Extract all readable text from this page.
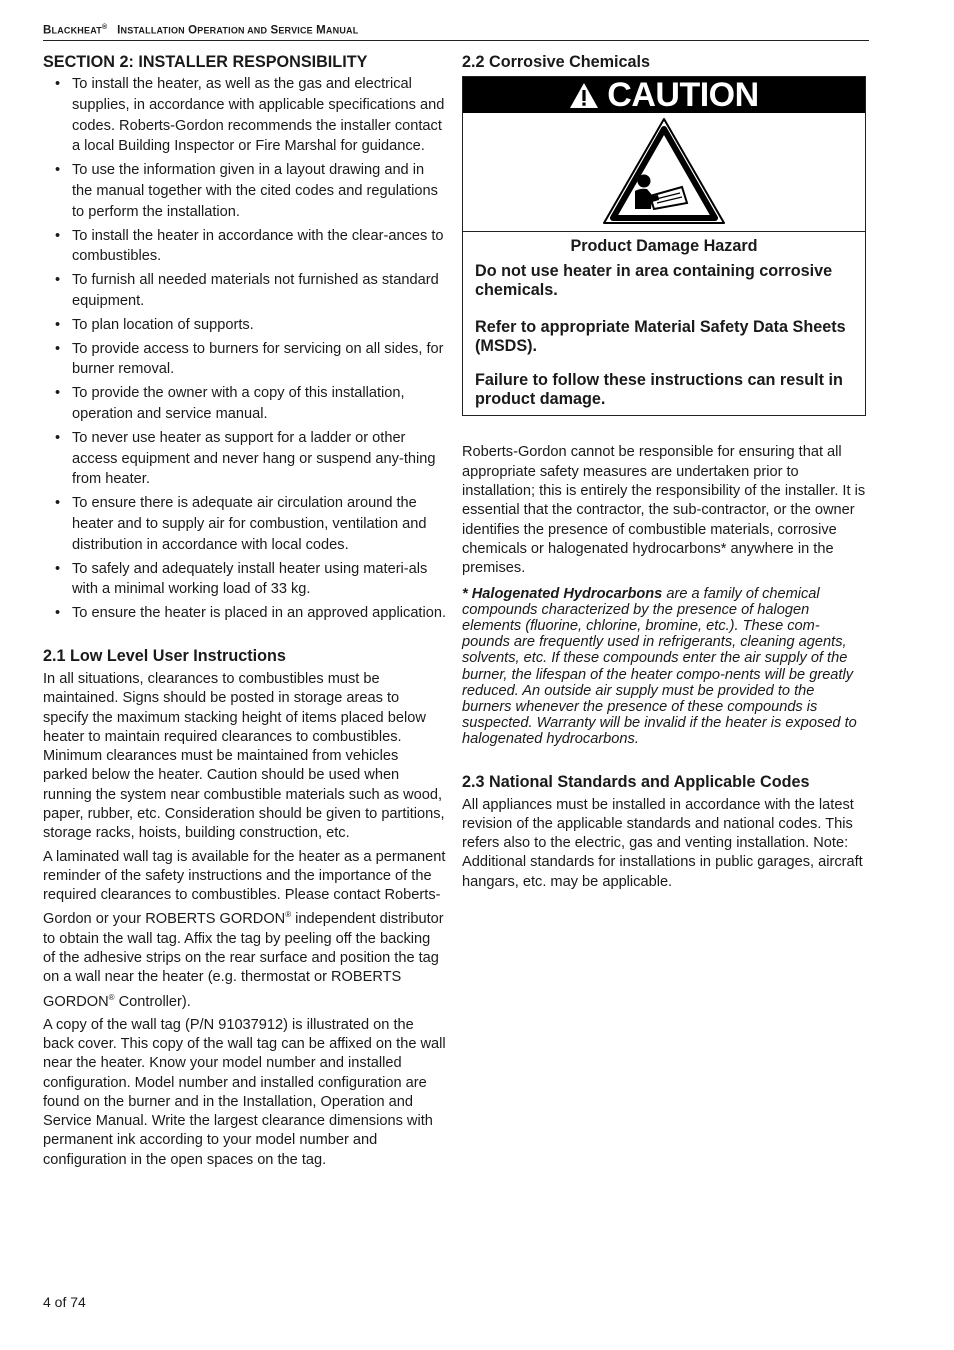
BLACKHEAT® INSTALLATION OPERATION AND SERVICE MANUAL
SECTION 2: INSTALLER RESPONSIBILITY
• To install the heater, as well as the gas and electrical supplies, in accordance with applicable specifications and codes. Roberts-Gordon recommends the installer contact a local Building Inspector or Fire Marshal for guidance.
• To use the information given in a layout drawing and in the manual together with the cited codes and regulations to perform the installation.
• To install the heater in accordance with the clear-ances to combustibles.
• To furnish all needed materials not furnished as standard equipment.
• To plan location of supports.
• To provide access to burners for servicing on all sides, for burner removal.
• To provide the owner with a copy of this installation, operation and service manual.
• To never use heater as support for a ladder or other access equipment and never hang or suspend any-thing from heater.
• To ensure there is adequate air circulation around the heater and to supply air for combustion, ventilation and distribution in accordance with local codes.
• To safely and adequately install heater using materi-als with a minimal working load of 33 kg.
• To ensure the heater is placed in an approved application.
2.1 Low Level User Instructions

In all situations, clearances to combustibles must be maintained. Signs should be posted in storage areas to specify the maximum stacking height of items placed below heater to maintain required clearances to combustibles. Minimum clearances must be maintained from vehicles parked below the heater. Caution should be used when running the system near combustible materials such as wood, paper, rubber, etc. Consideration should be given to partitions, storage racks, hoists, building construction, etc.

A laminated wall tag is available for the heater as a permanent reminder of the safety instructions and the importance of the required clearances to combustibles. Please contact Roberts-Gordon or your ROBERTS GORDON® independent distributor to obtain the wall tag. Affix the tag by peeling off the backing of the adhesive strips on the rear surface and position the tag on a wall near the heater (e.g. thermostat or ROBERTS GORDON® Controller).

A copy of the wall tag (P/N 91037912) is illustrated on the back cover. This copy of the wall tag can be affixed on the wall near the heater. Know your model number and installed configuration. Model number and installed configuration are found on the burner and in the Installation, Operation and Service Manual. Write the largest clearance dimensions with permanent ink according to your model number and configuration in the open spaces on the tag.

2.2 Corrosive Chemicals
CAUTION

Product Damage Hazard

Do not use heater in area containing corrosive chemicals.

Refer to appropriate Material Safety Data Sheets (MSDS).

Failure to follow these instructions can result in product damage.

Roberts-Gordon cannot be responsible for ensuring that all appropriate safety measures are undertaken prior to installation; this is entirely the responsibility of the installer. It is essential that the contractor, the sub-contractor, or the owner identifies the presence of combustible materials, corrosive chemicals or halogenated hydrocarbons* anywhere in the premises.

* Halogenated Hydrocarbons are a family of chemical compounds characterized by the presence of halogen elements (fluorine, chlorine, bromine, etc.). These com-pounds are frequently used in refrigerants, cleaning agents, solvents, etc. If these compounds enter the air supply of the burner, the lifespan of the heater compo-nents will be greatly reduced. An outside air supply must be provided to the burners whenever the presence of these compounds is suspected. Warranty will be invalid if the heater is exposed to halogenated hydrocarbons.

2.3 National Standards and Applicable Codes

All appliances must be installed in accordance with the latest revision of the applicable standards and national codes. This refers also to the electric, gas and venting installation. Note: Additional standards for installations in public garages, aircraft hangars, etc. may be applicable.

4 of 74
